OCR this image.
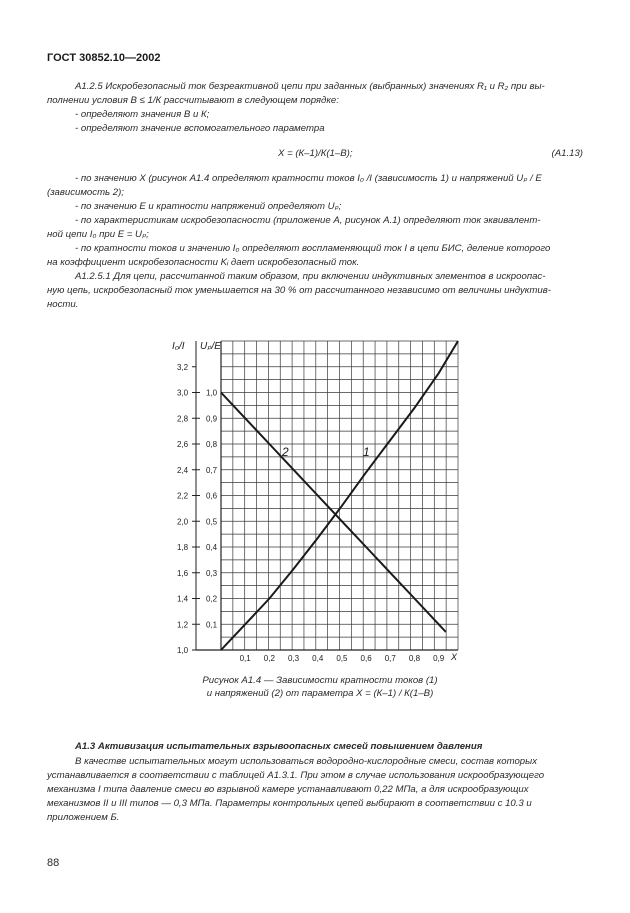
ГОСТ 30852.10—2002
А1.2.5 Искробезопасный ток безреактивной цепи при заданных (выбранных) значениях R₁ и R₂ при вы-
полнении условия В ≤ 1/К рассчитывают в следующем порядке:
- определяют значения В и К;
- определяют значение вспомогательного параметра
X = (К–1)/К(1–В);	(А1.13)
- по значению X (рисунок А1.4 определяют кратности токов I₀ /I (зависимость 1) и напряжений Uₚ / Е
(зависимость 2);
- по значению Е и кратности напряжений определяют Uₚ;
- по характеристикам искробезопасности (приложение А, рисунок А.1) определяют ток эквивалент-
ной цепи I₀ при Е = Uₚ;
- по кратности токов и значению I₀ определяют воспламеняющий ток I в цепи БИС, деление которого
на коэффициент искробезопасности Kᵢ дает искробезопасный ток.
А1.2.5.1 Для цепи, рассчитанной таким образом, при включении индуктивных элементов в искроопас-
ную цепь, искробезопасный ток уменьшается на 30 % от рассчитанного независимо от величины индуктив-
ности.
1,0
1,2
1,4
1,6
1,8
2,0
2,2
2,4
2,6
2,8
3,0
3,2
0,1
0,2
0,3
0,4
0,5
0,6
0,7
0,8
0,9
1,0
0,1 0,2 0,3 0,4 0,5 0,6 0,7 0,8 0,9
1
2
I₀/I Uₚ/E
X
Рисунок А1.4 — Зависимости кратности токов (1)
и напряжений (2) от параметра X = (К–1) / К(1–В)
А1.3 Активизация испытательных взрывоопасных смесей повышением давления
В качестве испытательных могут использоваться водородно-кислородные смеси, состав которых
устанавливается в соответствии с таблицей А1.3.1. При этом в случае использования искрообразующего
механизма I типа давление смеси во взрывной камере устанавливают 0,22 МПа, а для искрообразующих
механизмов II и III типов — 0,3 МПа. Параметры контрольных цепей выбирают в соответствии с 10.3 и
приложением Б.
88
